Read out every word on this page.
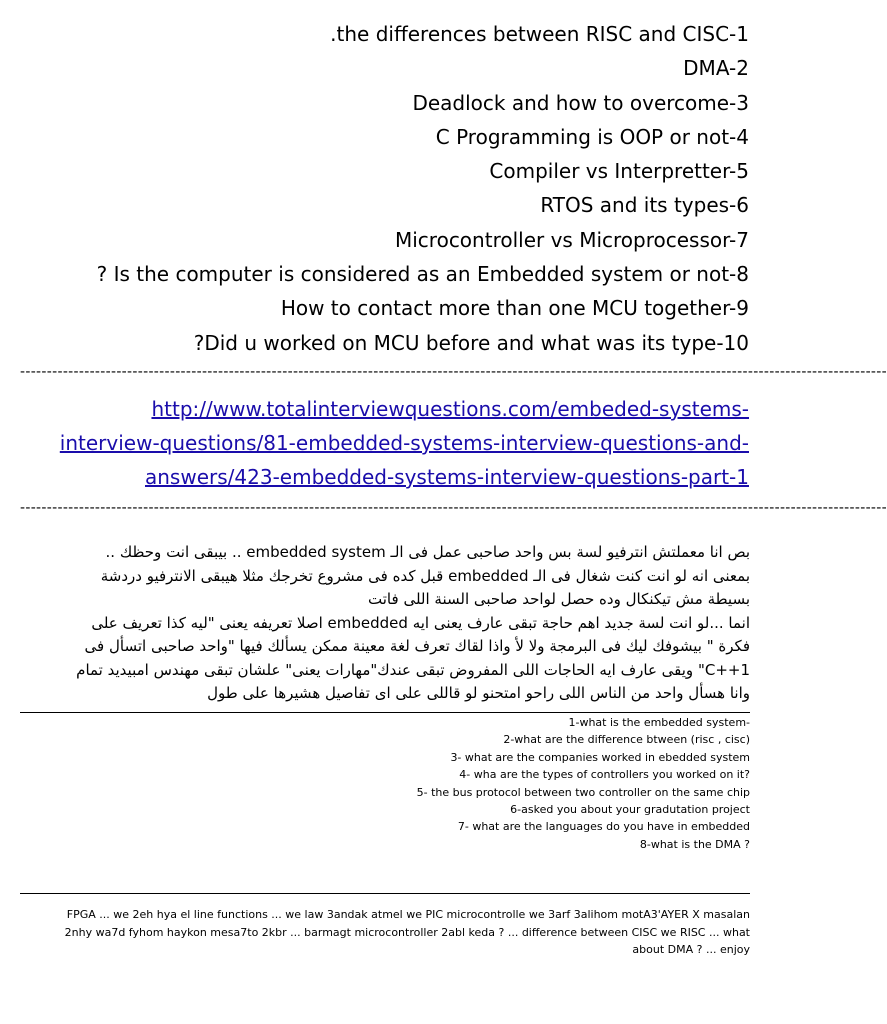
.the differences between RISC and CISC-1
DMA-2
Deadlock and how to overcome-3
C Programming is OOP or not-4
Compiler vs Interpretter-5
RTOS and its types-6
Microcontroller vs Microprocessor-7
? Is the computer is considered as an Embedded system or not-8
How to contact more than one MCU together-9
?Did u worked on MCU before and what was its type-10
------------------------------------------------------------------------------------------------------------------------------------------------------------------
http://www.totalinterviewquestions.com/embeded-systems-
interview-questions/81-embedded-systems-interview-questions-and-
answers/423-embedded-systems-interview-questions-part-1
------------------------------------------------------------------------------------------------------------------------------------------------------------------
بص انا معملتش انترفيو لسة بس واحد صاحبى عمل فى الـ embedded system .. بيبقى انت وحظك ..
بمعنى انه لو انت كنت شغال فى الـ embedded قبل كده فى مشروع تخرجك مثلا هيبقى الانترفيو دردشة
بسيطة مش تيكنكال وده حصل لواحد صاحبى السنة اللى فاتت
انما ...لو انت لسة جديد اهم حاجة تبقى عارف يعنى ايه embedded اصلا تعريفه يعنى "ليه كذا تعريف على
فكرة " بيشوفك ليك فى البرمجة ولا لأ واذا لقاك تعرف لغة معينة ممكن يسألك فيها "واحد صاحبى اتسأل فى
C++1" ويقى عارف ايه الحاجات اللى المفروض تبقى عندك"مهارات يعنى" علشان تبقى مهندس امبيديد تمام
وانا هسأل واحد من الناس اللى راحو امتحنو لو قاللى على اى تفاصيل هشيرها على طول
1-what is the embedded system-
2-what are the difference btween (risc , cisc)
3- what are the companies worked in ebedded system
4- wha are the types of controllers you worked on it?
5- the bus protocol between two controller on the same chip
6-asked you about your gradutation project
7- what are the languages do you have in embedded
8-what is the DMA ?
FPGA ... we 2eh hya el line functions ... we law 3andak atmel we PIC microcontrolle we 3arf 3alihom motA3'AYER X masalan
2nhy wa7d fyhom haykon mesa7to 2kbr ... barmagt microcontroller 2abl keda ? ... difference between CISC we RISC ... what
about DMA ? ... enjoy
